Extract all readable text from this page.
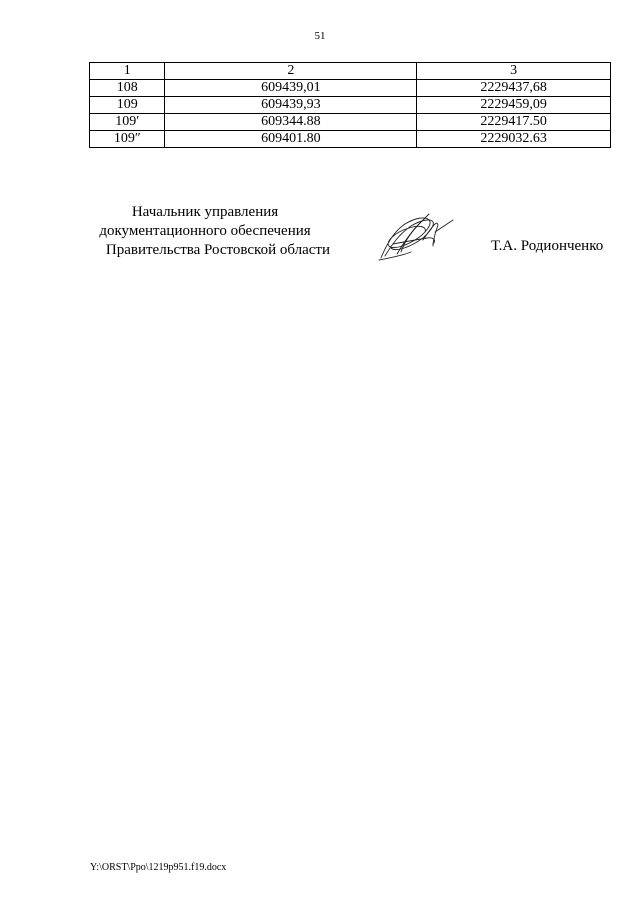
51
1	2	3
108	609439,01	2229437,68
109	609439,93	2229459,09
109′	609344.88	2229417.50
109″	609401.80	2229032.63
Начальник управления
документационного обеспечения

Правительства Ростовской области	Т.А. Родионченко
Y:\ORST\Ppo\1219p951.f19.docx
